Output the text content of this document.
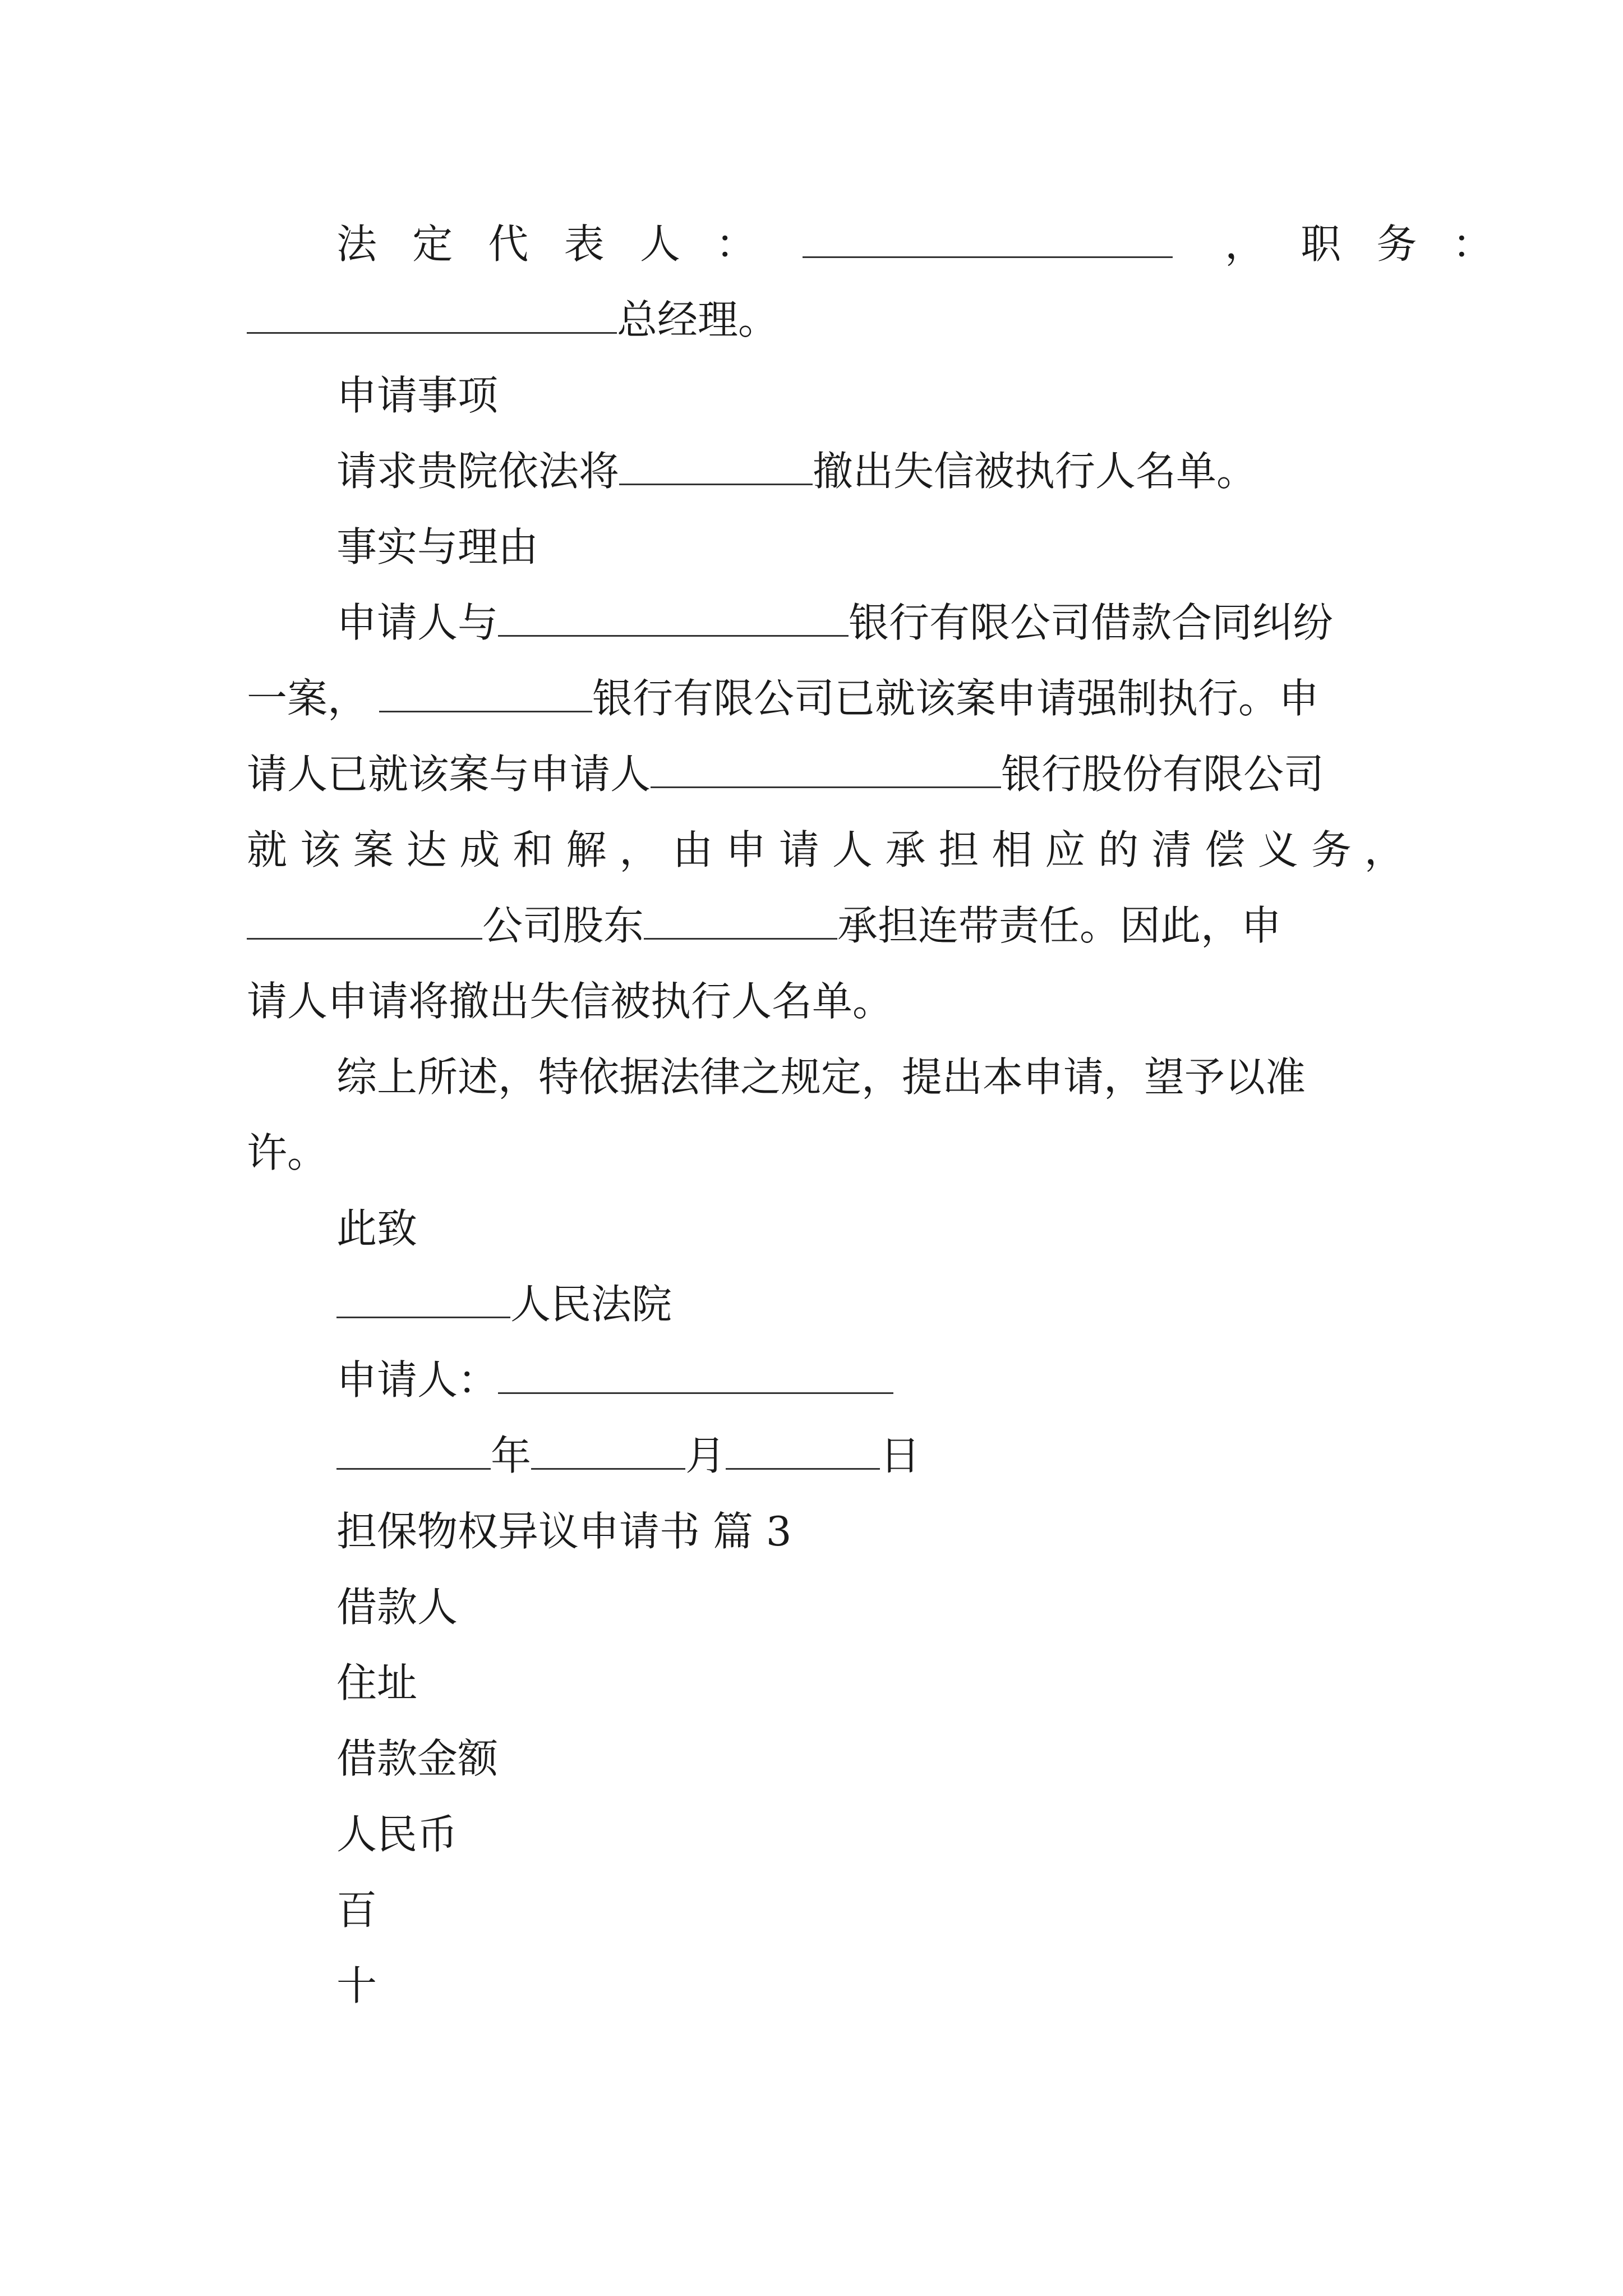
法 定 代 表 人 ：	， 职 务 ：
总经理。
申请事项
请求贵院依法将	撤出失信被执行人名单。
事实与理由
申请人与	银行有限公司借款合同纠纷
一案，	银行有限公司已就该案申请强制执行。申
请人已就该案与申请人	银行股份有限公司
就 该 案 达 成 和 解 ， 由 申 请 人 承 担 相 应 的 清 偿 义 务 ，
公司股东	承担连带责任。因此，申
请人申请将撤出失信被执行人名单。
综上所述，特依据法律之规定，提出本申请，望予以准
许。
此致
人民法院
申请人：
年	月	日
担保物权异议申请书 篇 3
借款人
住址
借款金额
人民币
百
十
